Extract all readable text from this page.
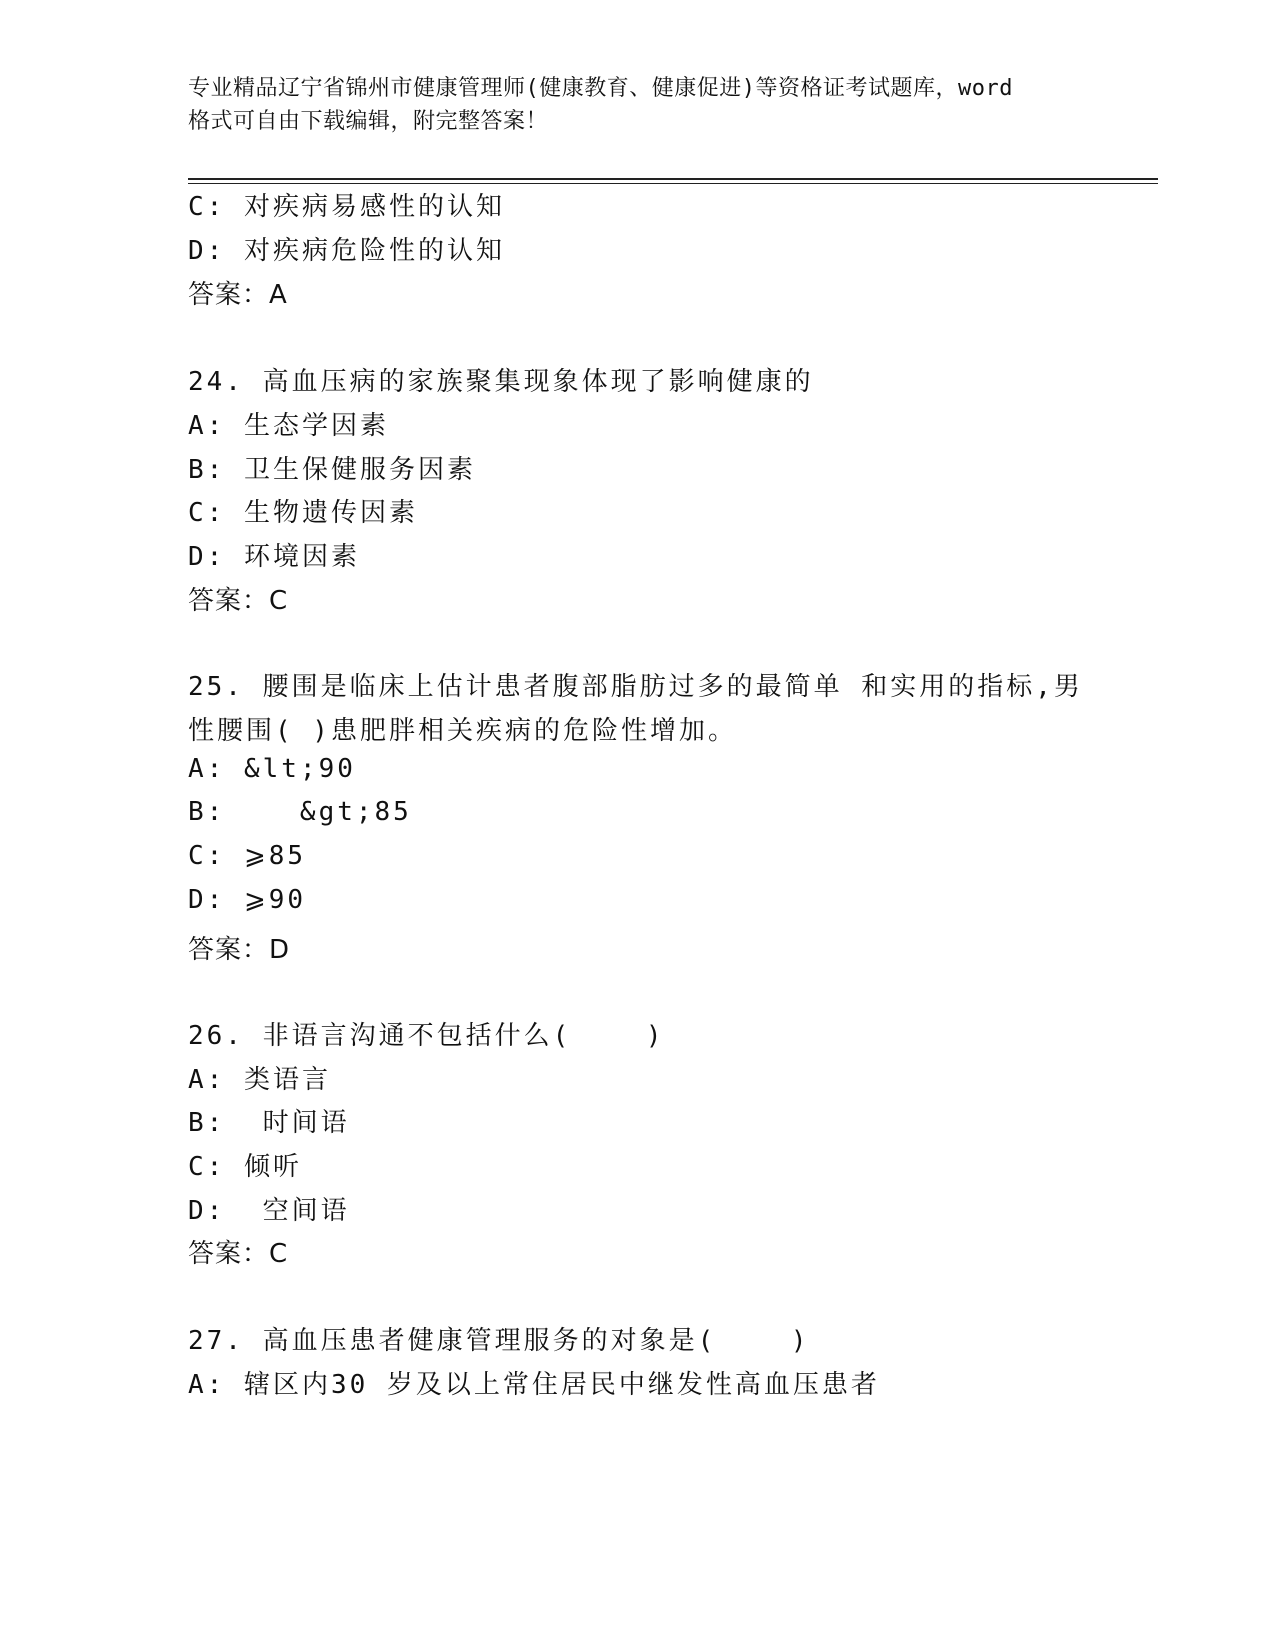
专业精品辽宁省锦州市健康管理师(健康教育、健康促进)等资格证考试题库，word
格式可自由下载编辑，附完整答案！
C: 对疾病易感性的认知
D: 对疾病危险性的认知
答案：A
24. 高血压病的家族聚集现象体现了影响健康的
A: 生态学因素
B: 卫生保健服务因素
C: 生物遗传因素
D: 环境因素
答案：C
25. 腰围是临床上估计患者腹部脂肪过多的最简单 和实用的指标,男
性腰围( )患肥胖相关疾病的危险性增加。
A: &lt;90
B:    &gt;85
C: ⩾85
D: ⩾90
答案：D
26. 非语言沟通不包括什么(    )
A: 类语言
B:  时间语
C: 倾听
D:  空间语
答案：C
27. 高血压患者健康管理服务的对象是(    )
A: 辖区内30 岁及以上常住居民中继发性高血压患者
